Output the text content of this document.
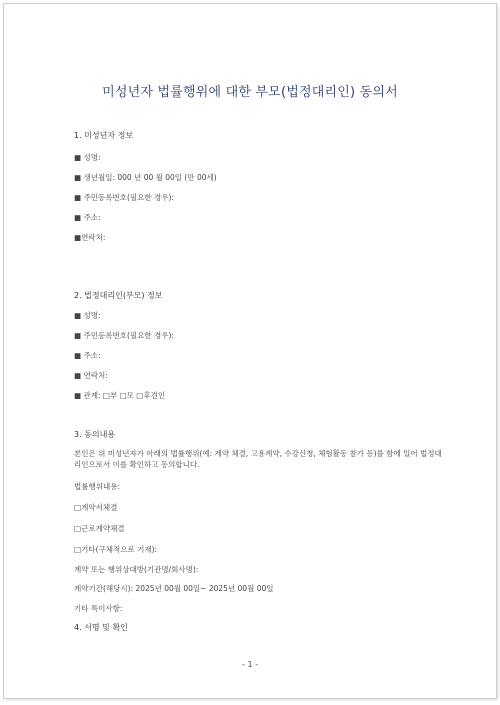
미성년자 법률행위에 대한 부모(법정대리인) 동의서
1. 미성년자 정보
■ 성명:
■ 생년월일: 000 년 00 월 00일 (만 00세)
■ 주민등록번호(필요한 경우):
■ 주소:
■연락처:
2. 법정대리인(부모) 정보
■ 성명:
■ 주민등록번호(필요한 경우):
■ 주소:
■ 연락처:
■ 관계: □부 □모 □후견인
3. 동의내용
본인은 위 미성년자가 아래의 법률행위(예: 계약 체결, 고용계약, 수강신청, 체험활동 참가 등)를 함에 있어 법정대리인으로서 이를 확인하고 동의합니다.
법률행위내용:
□계약서체결
□근로계약체결
□기타(구체적으로 기재):
계약 또는 행위상대방(기관명/회사명):
계약기간(해당시): 2025년 00월 00일~ 2025년 00월 00일
기타 특이사항:
4. 서명 및 확인
- 1 -
